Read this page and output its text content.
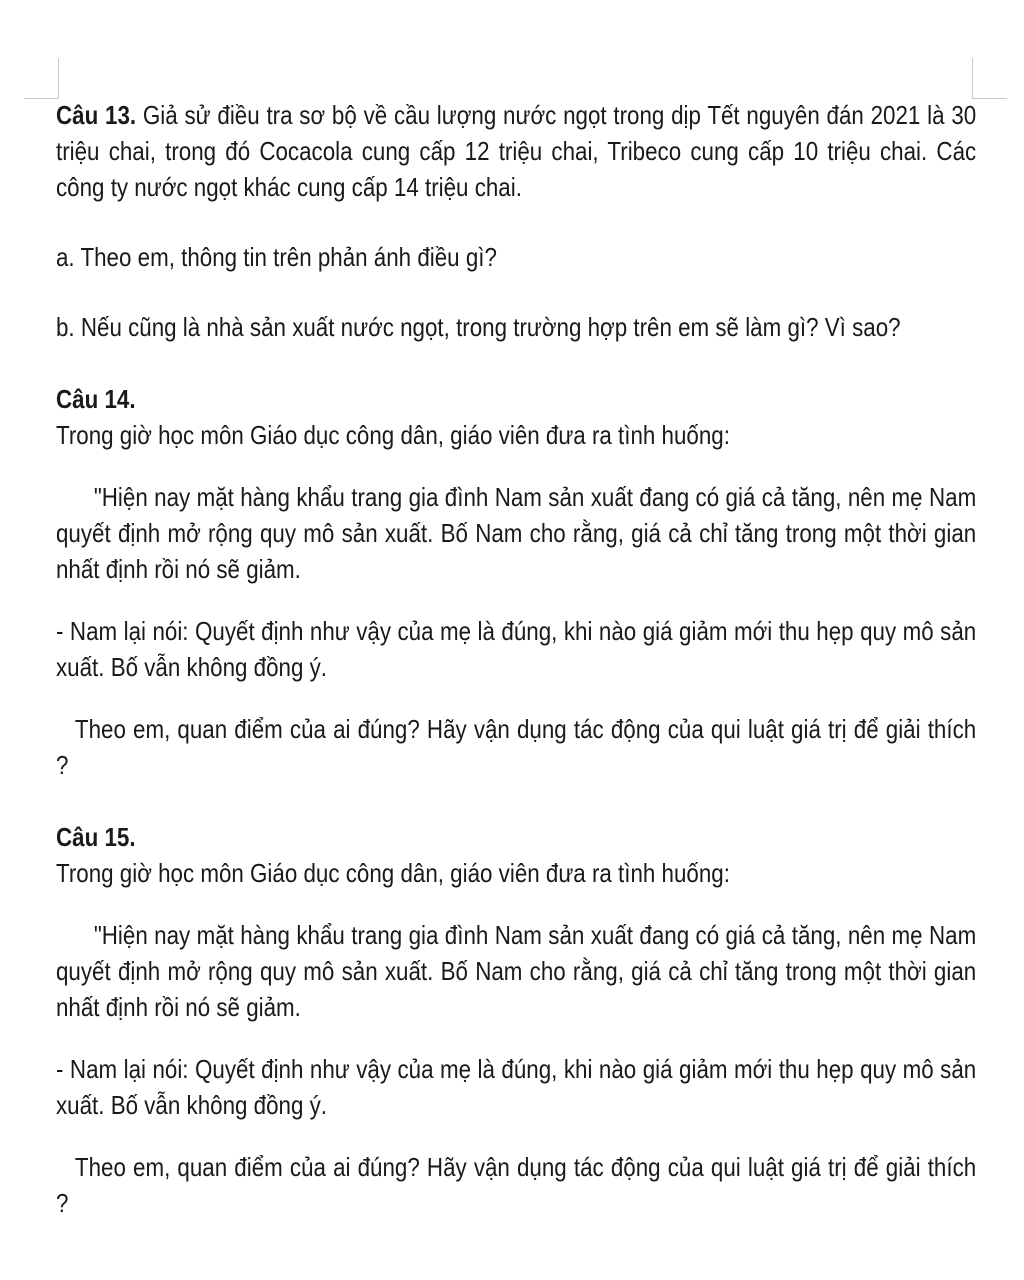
Câu 13. Giả sử điều tra sơ bộ về cầu lượng nước ngọt trong dịp Tết nguyên đán 2021 là 30 triệu chai, trong đó Cocacola cung cấp 12 triệu chai, Tribeco cung cấp 10 triệu chai. Các công ty nước ngọt khác cung cấp 14 triệu chai.

a. Theo em, thông tin trên phản ánh điều gì?

b. Nếu cũng là nhà sản xuất nước ngọt, trong trường hợp trên em sẽ làm gì? Vì sao?

Câu 14.

Trong giờ học môn Giáo dục công dân, giáo viên đưa ra tình huống:

"Hiện nay mặt hàng khẩu trang gia đình Nam sản xuất đang có giá cả tăng, nên mẹ Nam quyết định mở rộng quy mô sản xuất. Bố Nam cho rằng, giá cả chỉ tăng trong một thời gian nhất định rồi nó sẽ giảm.

- Nam lại nói: Quyết định như vậy của mẹ là đúng, khi nào giá giảm mới thu hẹp quy mô sản xuất. Bố vẫn không đồng ý.

Theo em, quan điểm của ai đúng? Hãy vận dụng tác động của qui luật giá trị để giải thích ?

Câu 15.

Trong giờ học môn Giáo dục công dân, giáo viên đưa ra tình huống:

"Hiện nay mặt hàng khẩu trang gia đình Nam sản xuất đang có giá cả tăng, nên mẹ Nam quyết định mở rộng quy mô sản xuất. Bố Nam cho rằng, giá cả chỉ tăng trong một thời gian nhất định rồi nó sẽ giảm.

- Nam lại nói: Quyết định như vậy của mẹ là đúng, khi nào giá giảm mới thu hẹp quy mô sản xuất. Bố vẫn không đồng ý.

Theo em, quan điểm của ai đúng? Hãy vận dụng tác động của qui luật giá trị để giải thích ?
